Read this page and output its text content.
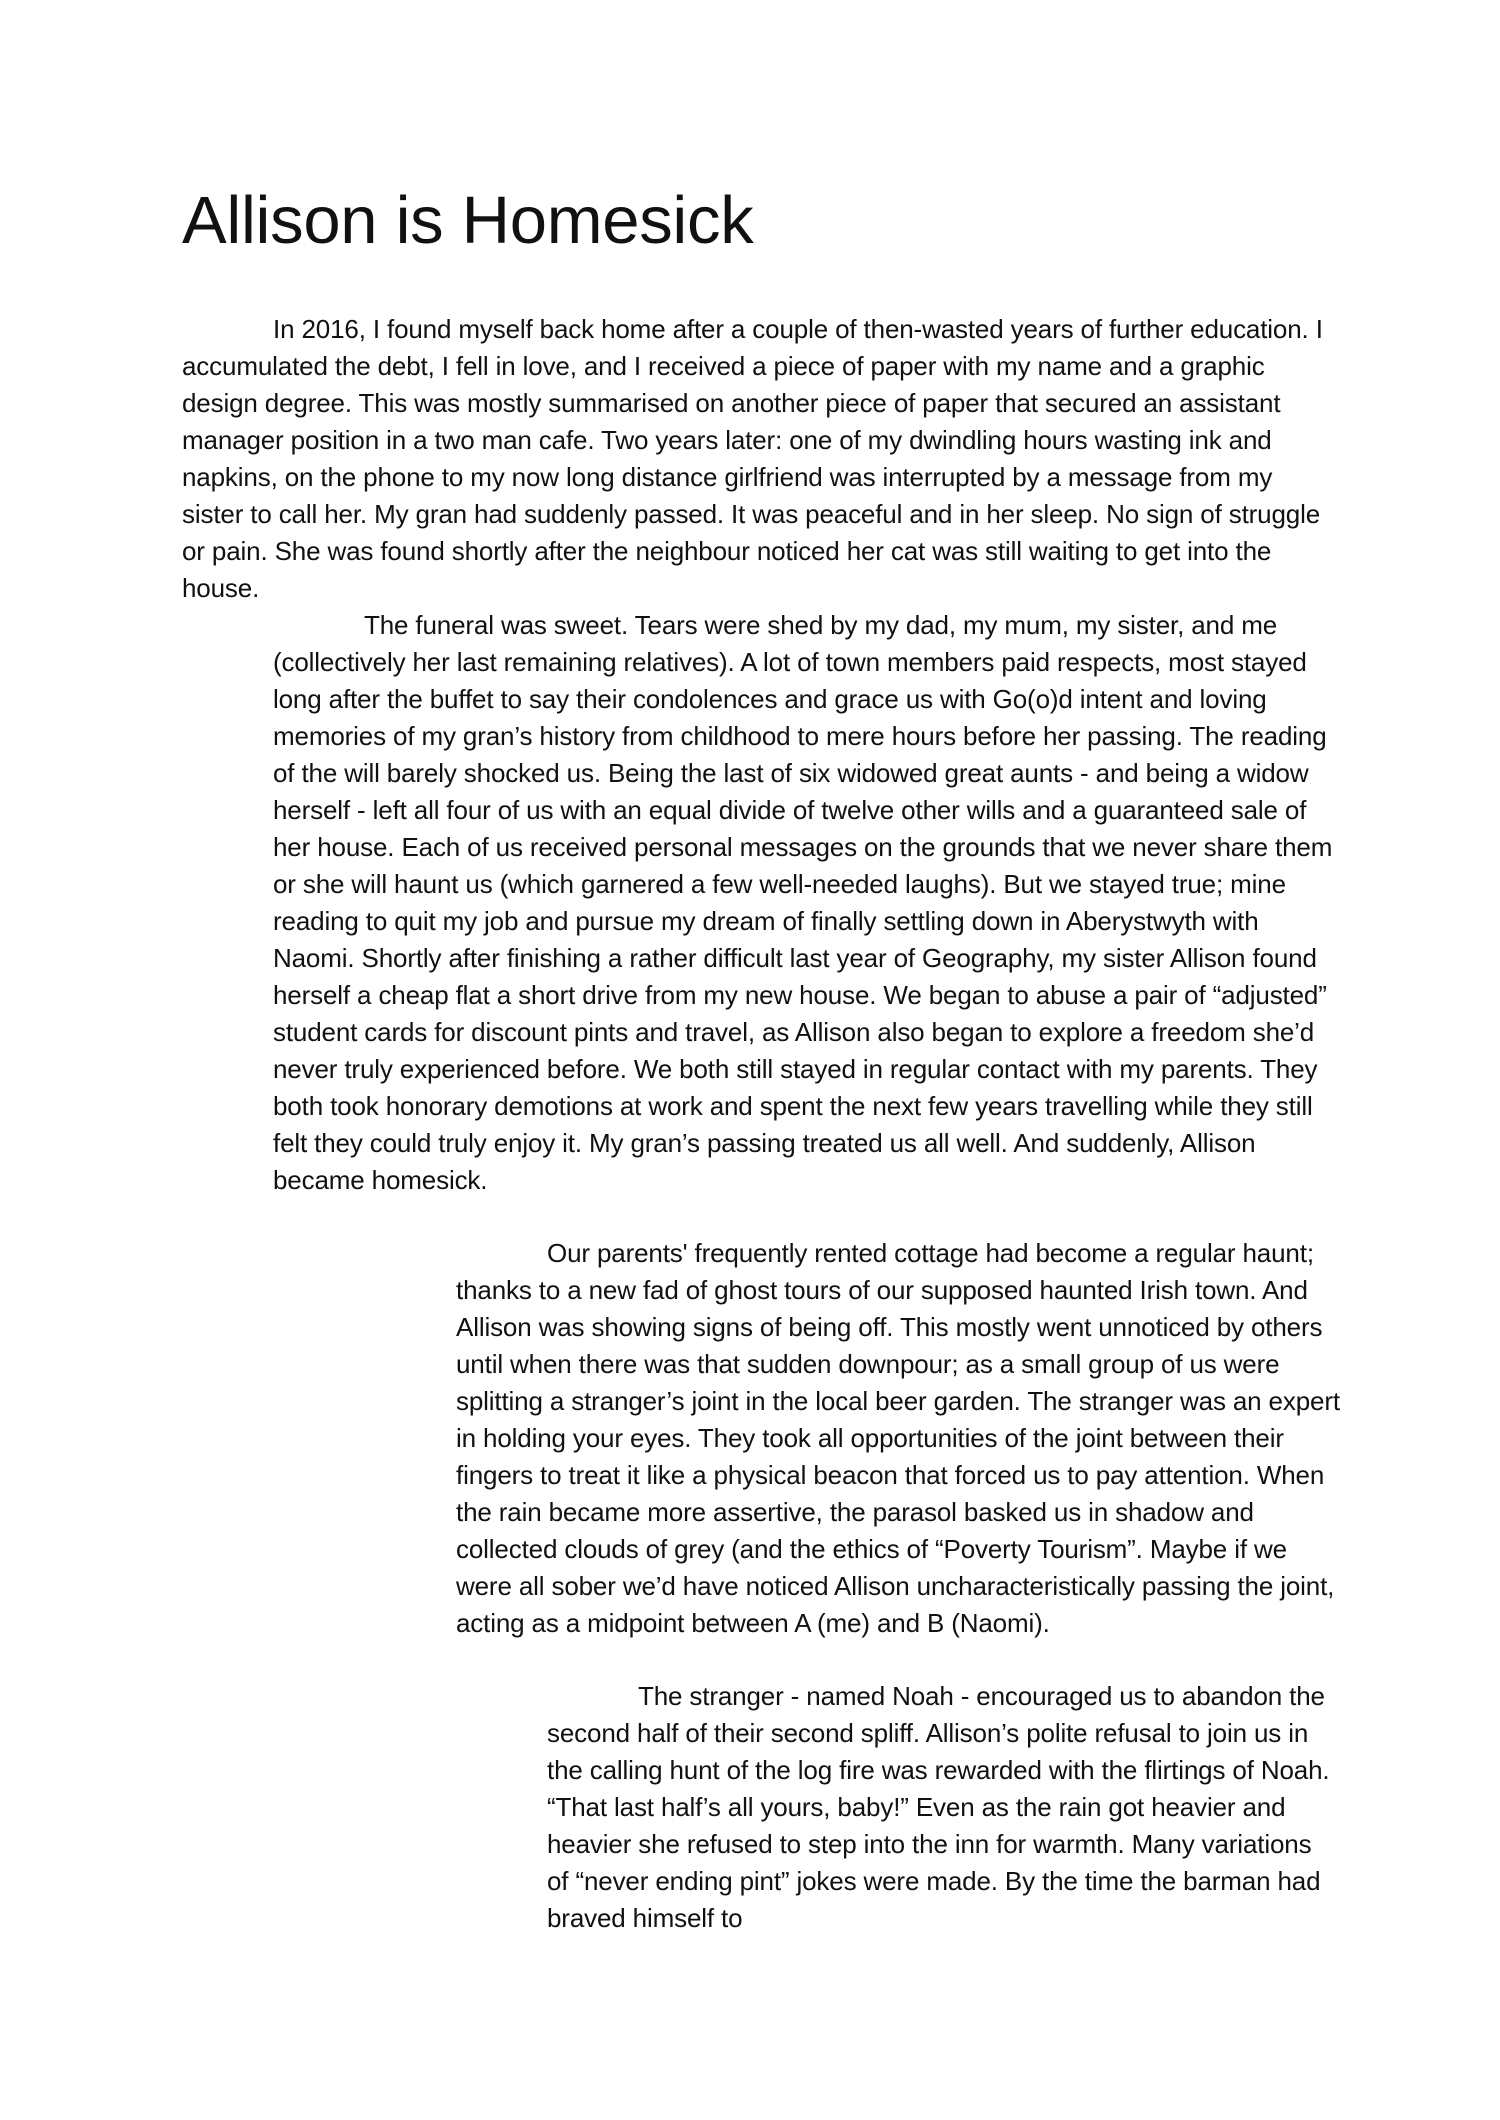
Allison is Homesick

In 2016, I found myself back home after a couple of then-wasted years of further education. I accumulated the debt, I fell in love, and I received a piece of paper with my name and a graphic design degree. This was mostly summarised on another piece of paper that secured an assistant manager position in a two man cafe. Two years later: one of my dwindling hours wasting ink and napkins, on the phone to my now long distance girlfriend was interrupted by a message from my sister to call her. My gran had suddenly passed. It was peaceful and in her sleep. No sign of struggle or pain. She was found shortly after the neighbour noticed her cat was still waiting to get into the house.

The funeral was sweet. Tears were shed by my dad, my mum, my sister, and me (collectively her last remaining relatives). A lot of town members paid respects, most stayed long after the buffet to say their condolences and grace us with Go(o)d intent and loving memories of my gran’s history from childhood to mere hours before her passing. The reading of the will barely shocked us. Being the last of six widowed great aunts - and being a widow herself - left all four of us with an equal divide of twelve other wills and a guaranteed sale of her house. Each of us received personal messages on the grounds that we never share them or she will haunt us (which garnered a few well-needed laughs). But we stayed true; mine reading to quit my job and pursue my dream of finally settling down in Aberystwyth with Naomi. Shortly after finishing a rather difficult last year of Geography, my sister Allison found herself a cheap flat a short drive from my new house. We began to abuse a pair of “adjusted” student cards for discount pints and travel, as Allison also began to explore a freedom she’d never truly experienced before. We both still stayed in regular contact with my parents. They both took honorary demotions at work and spent the next few years travelling while they still felt they could truly enjoy it. My gran’s passing treated us all well. And suddenly, Allison became homesick.

Our parents' frequently rented cottage had become a regular haunt; thanks to a new fad of ghost tours of our supposed haunted Irish town. And Allison was showing signs of being off. This mostly went unnoticed by others until when there was that sudden downpour; as a small group of us were splitting a stranger’s joint in the local beer garden. The stranger was an expert in holding your eyes. They took all opportunities of the joint between their fingers to treat it like a physical beacon that forced us to pay attention. When the rain became more assertive, the parasol basked us in shadow and collected clouds of grey (and the ethics of “Poverty Tourism”. Maybe if we were all sober we’d have noticed Allison uncharacteristically passing the joint, acting as a midpoint between A (me) and B (Naomi).

The stranger - named Noah - encouraged us to abandon the second half of their second spliff. Allison’s polite refusal to join us in the calling hunt of the log fire was rewarded with the flirtings of Noah. “That last half’s all yours, baby!” Even as the rain got heavier and heavier she refused to step into the inn for warmth. Many variations of “never ending pint” jokes were made. By the time the barman had braved himself to
